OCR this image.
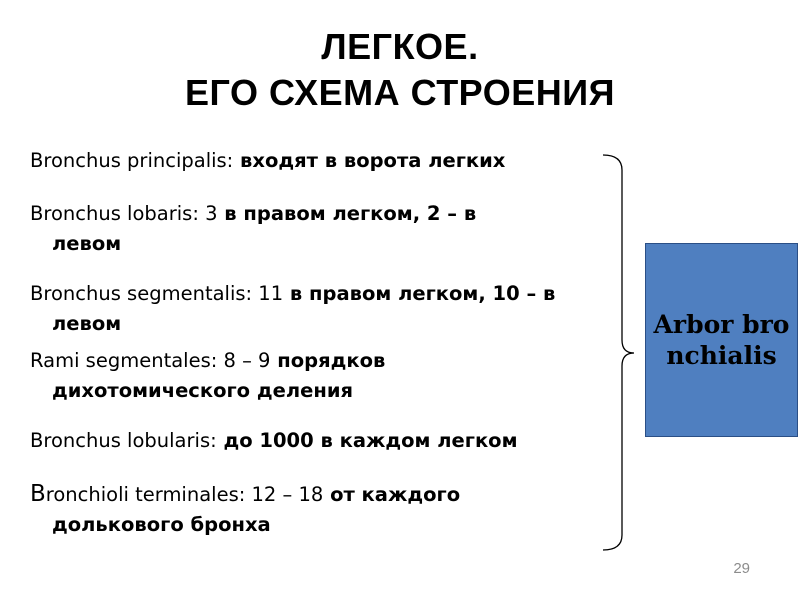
ЛЕГКОЕ.
ЕГО СХЕМА СТРОЕНИЯ
Bronchus principalis: входят в ворота легких
Bronchus lobaris: 3 в правом легком, 2 – в
левом
Bronchus segmentalis: 11 в правом легком, 10 – в
левом
Rami segmentales: 8 – 9 порядков
дихотомического деления
Bronchus lobularis: до 1000 в каждом легком
Bronchioli terminales: 12 – 18 от каждого
долькового бронха
Arbor bronchialis
29
